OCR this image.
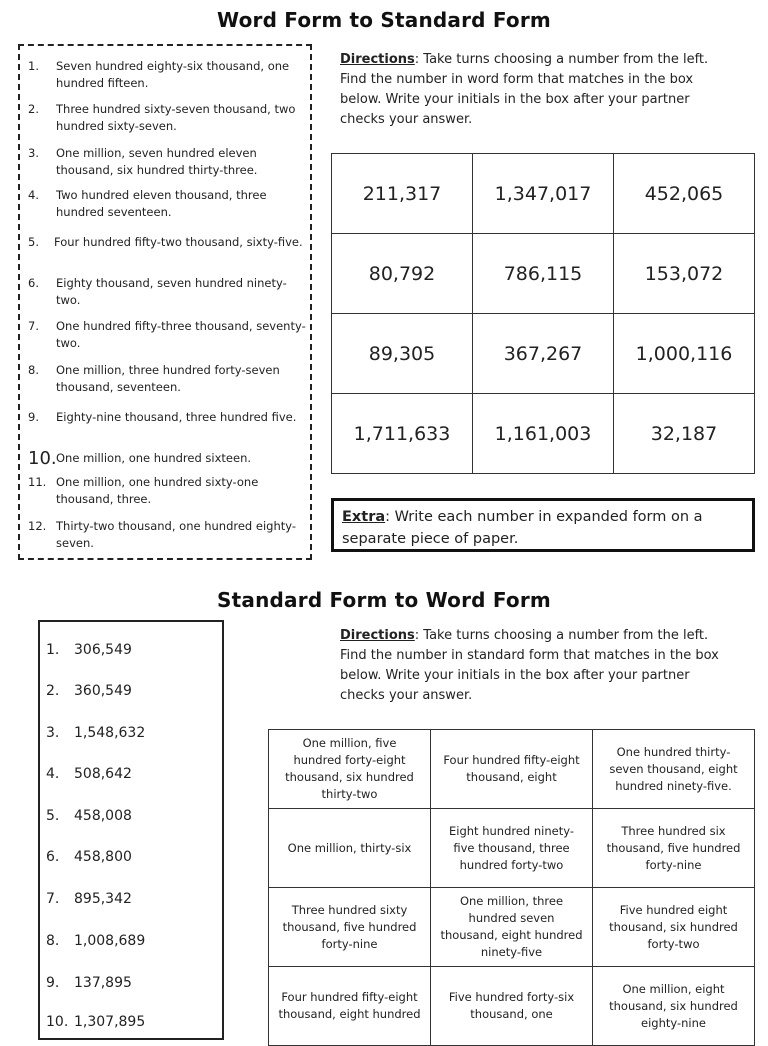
Word Form to Standard Form
1.	Seven hundred eighty-six thousand, one hundred fifteen.
2.	Three hundred sixty-seven thousand, two hundred sixty-seven.
3.	One million, seven hundred eleven thousand, six hundred thirty-three.
4.	Two hundred eleven thousand, three hundred seventeen.
5.	Four hundred fifty-two thousand, sixty-five.
6.	Eighty thousand, seven hundred ninety-two.
7.	One hundred fifty-three thousand, seventy-two.
8.	One million, three hundred forty-seven thousand, seventeen.
9.	Eighty-nine thousand, three hundred five.
10. One million, one hundred sixteen.
11. One million, one hundred sixty-one thousand, three.
12. Thirty-two thousand, one hundred eighty-seven.
Directions: Take turns choosing a number from the left. Find the number in word form that matches in the box below. Write your initials in the box after your partner checks your answer.
211,317	1,347,017	452,065
80,792	786,115	153,072
89,305	367,267	1,000,116
1,711,633	1,161,003	32,187
Extra: Write each number in expanded form on a separate piece of paper.
Standard Form to Word Form
1. 306,549
2. 360,549
3. 1,548,632
4. 508,642
5. 458,008
6. 458,800
7. 895,342
8. 1,008,689
9. 137,895
10. 1,307,895
Directions: Take turns choosing a number from the left. Find the number in standard form that matches in the box below. Write your initials in the box after your partner checks your answer.
One million, five hundred forty-eight thousand, six hundred thirty-two	Four hundred fifty-eight thousand, eight	One hundred thirty-seven thousand, eight hundred ninety-five.
One million, thirty-six	Eight hundred ninety-five thousand, three hundred forty-two	Three hundred six thousand, five hundred forty-nine
Three hundred sixty thousand, five hundred forty-nine	One million, three hundred seven thousand, eight hundred ninety-five	Five hundred eight thousand, six hundred forty-two
Four hundred fifty-eight thousand, eight hundred	Five hundred forty-six thousand, one	One million, eight thousand, six hundred eighty-nine
